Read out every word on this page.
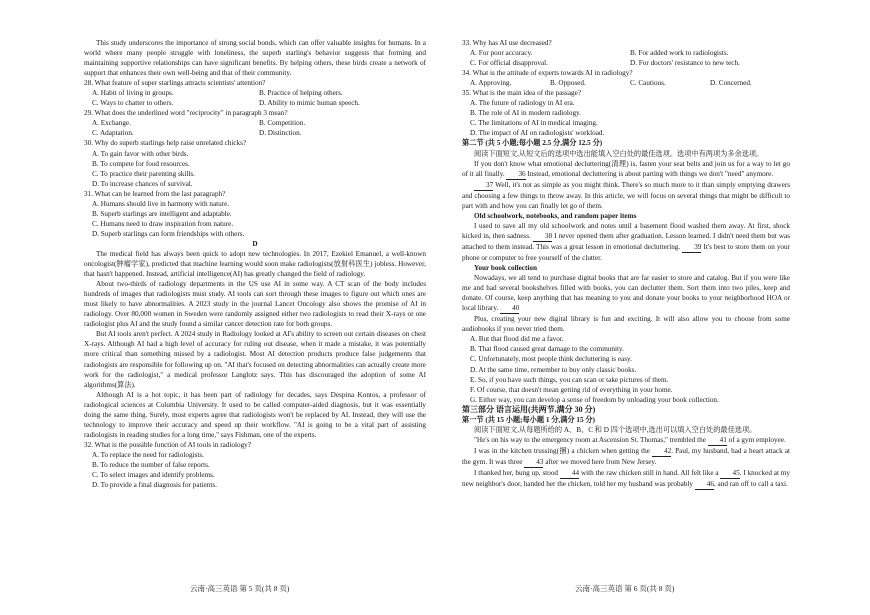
This study underscores the importance of strong social bonds, which can offer valuable insights for humans. In a world where many people struggle with loneliness, the superb starling's behavior suggests that forming and maintaining supportive relationships can have significant benefits. By helping others, these birds create a network of support that enhances their own well-being and that of their community.

28. What feature of super starlings attracts scientists' attention?

A. Habit of living in groups.	B. Practice of helping others.
C. Ways to chatter to others.	D. Ability to mimic human speech.

29. What does the underlined word "reciprocity" in paragraph 3 mean?

A. Exchange.	B. Competition.
C. Adaptation.	D. Distinction.

30. Why do superb starlings help raise unrelated chicks?

A. To gain favor with other birds.

B. To compete for food resources.

C. To practice their parenting skills.

D. To increase chances of survival.

31. What can be learned from the last paragraph?

A. Humans should live in harmony with nature.

B. Superb starlings are intelligent and adaptable.

C. Humans need to draw inspiration from nature.

D. Superb starlings can form friendships with others.

D

The medical field has always been quick to adopt new technologies. In 2017, Ezekiel Emanuel, a well-known oncologist(肿瘤学家), predicted that machine learning would soon make radiologists(放射科医生) jobless. However, that hasn't happened. Instead, artificial intelligence(AI) has greatly changed the field of radiology.

About two-thirds of radiology departments in the US use AI in some way. A CT scan of the body includes hundreds of images that radiologists must study. AI tools can sort through these images to figure out which ones are most likely to have abnormalities. A 2023 study in the journal Lancet Oncology also shows the promise of AI in radiology. Over 80,000 women in Sweden were randomly assigned either two radiologists to read their X-rays or one radiologist plus AI and the study found a similar cancer detection rate for both groups.

But AI tools aren't perfect. A 2024 study in Radiology looked at AI's ability to screen out certain diseases on chest X-rays. Although AI had a high level of accuracy for ruling out disease, when it made a mistake, it was potentially more critical than something missed by a radiologist. Most AI detection products produce false judgements that radiologists are responsible for following up on. "AI that's focused on detecting abnormalities can actually create more work for the radiologist," a medical professor Langlotz says. This has discouraged the adoption of some AI algorithms(算法).

Although AI is a hot topic, it has been part of radiology for decades, says Despina Kontos, a professor of radiological sciences at Columbia University. It used to be called computer-aided diagnosis, but it was essentially doing the same thing. Surely, most experts agree that radiologists won't be replaced by AI. Instead, they will use the technology to improve their accuracy and speed up their workflow. "AI is going to be a vital part of assisting radiologists in reading studies for a long time," says Fishman, one of the experts.

32. What is the possible function of AI tools in radiology?

A. To replace the need for radiologists.

B. To reduce the number of false reports.

C. To select images and identify problems.

D. To provide a final diagnosis for patients.

云南·高三英语 第 5 页(共 8 页)

33. Why has AI use decreased?

A. For poor accuracy.	B. For added work to radiologists.
C. For official disapproval.	D. For doctors' resistance to new tech.

34. What is the attitude of experts towards AI in radiology?

A. Approving.	B. Opposed.	C. Cautious.	D. Concerned.

35. What is the main idea of the passage?

A. The future of radiology in AI era.

B. The role of AI in modern radiology.

C. The limitations of AI in medical imaging.

D. The impact of AI on radiologists' workload.

第二节 (共 5 小题;每小题 2.5 分,满分 12.5 分)

阅读下面短文,从短文后的选项中选出能填入空白处的最佳选项。选项中有两项为多余选项。

If you don't know what emotional decluttering(清理) is, fasten your seat belts and join us for a way to let go of it all finally. 36 Instead, emotional decluttering is about parting with things we don't "need" anymore.

37 Well, it's not as simple as you might think. There's so much more to it than simply emptying drawers and choosing a few things to throw away. In this article, we will focus on several things that might be difficult to part with and how you can finally let go of them.

Old schoolwork, notebooks, and random paper items

I used to save all my old schoolwork and notes until a basement flood washed them away. At first, shock kicked in, then sadness. 38 I never opened them after graduation. Lesson learned. I didn't need them but was attached to them instead. This was a great lesson in emotional decluttering. 39 It's best to store them on your phone or computer to free yourself of the clutter.

Your book collection

Nowadays, we all tend to purchase digital books that are far easier to store and catalog. But if you were like me and had several bookshelves filled with books, you can declutter them. Sort them into two piles, keep and donate. Of course, keep anything that has meaning to you and donate your books to your neighborhood HOA or local library. 40

Plus, creating your new digital library is fun and exciting. It will also allow you to choose from some audiobooks if you never tried them.

A. But that flood did me a favor.

B. That flood caused great damage to the community.

C. Unfortunately, most people think decluttering is easy.

D. At the same time, remember to buy only classic books.

E. So, if you have such things, you can scan or take pictures of them.

F. Of course, that doesn't mean getting rid of everything in your home.

G. Either way, you can develop a sense of freedom by unloading your book collection.

第三部分 语言运用(共两节,满分 30 分)

第一节 (共 15 小题;每小题 1 分,满分 15 分)

阅读下面短文,从每题所给的 A、B、C 和 D 四个选项中,选出可以填入空白处的最佳选项。

"He's on his way to the emergency room at Ascension St. Thomas," trembled the 41 of a gym employee.

I was in the kitchen trussing(捆) a chicken when getting the 42. Paul, my husband, had a heart attack at the gym. It was three 43 after we moved here from New Jersey.

I thanked her, hung up, stood 44 with the raw chicken still in hand. All felt like a 45. I knocked at my new neighbor's door, handed her the chicken, told her my husband was probably 46, and ran off to call a taxi.

云南·高三英语 第 6 页(共 8 页)
